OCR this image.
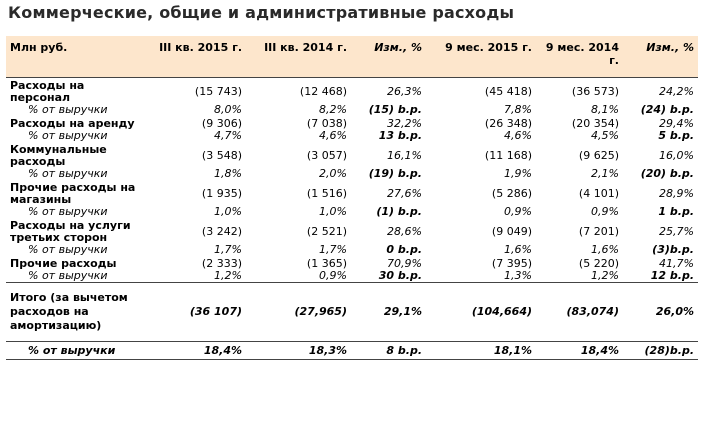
Коммерческие, общие и административные расходы
Млн руб.	III кв. 2015 г.	III кв. 2014 г.	Изм., %	9 мес. 2015 г.	9 мес. 2014 г.	Изм., %
Расходы на персонал	(15 743)	(12 468)	26,3%	(45 418)	(36 573)	24,2%
% от выручки	8,0%	8,2%	(15) b.p.	7,8%	8,1%	(24) b.p.
Расходы на аренду	(9 306)	(7 038)	32,2%	(26 348)	(20 354)	29,4%
% от выручки	4,7%	4,6%	13 b.p.	4,6%	4,5%	5 b.p.
Коммунальные расходы	(3 548)	(3 057)	16,1%	(11 168)	(9 625)	16,0%
% от выручки	1,8%	2,0%	(19) b.p.	1,9%	2,1%	(20) b.p.
Прочие расходы на магазины	(1 935)	(1 516)	27,6%	(5 286)	(4 101)	28,9%
% от выручки	1,0%	1,0%	(1) b.p.	0,9%	0,9%	1 b.p.
Расходы на услуги третьих сторон	(3 242)	(2 521)	28,6%	(9 049)	(7 201)	25,7%
% от выручки	1,7%	1,7%	0 b.p.	1,6%	1,6%	(3)b.p.
Прочие расходы	(2 333)	(1 365)	70,9%	(7 395)	(5 220)	41,7%
% от выручки	1,2%	0,9%	30 b.p.	1,3%	1,2%	12 b.p.
Итого (за вычетом расходов на амортизацию)	(36 107)	(27,965)	29,1%	(104,664)	(83,074)	26,0%
% от выручки	18,4%	18,3%	8 b.p.	18,1%	18,4%	(28)b.p.
